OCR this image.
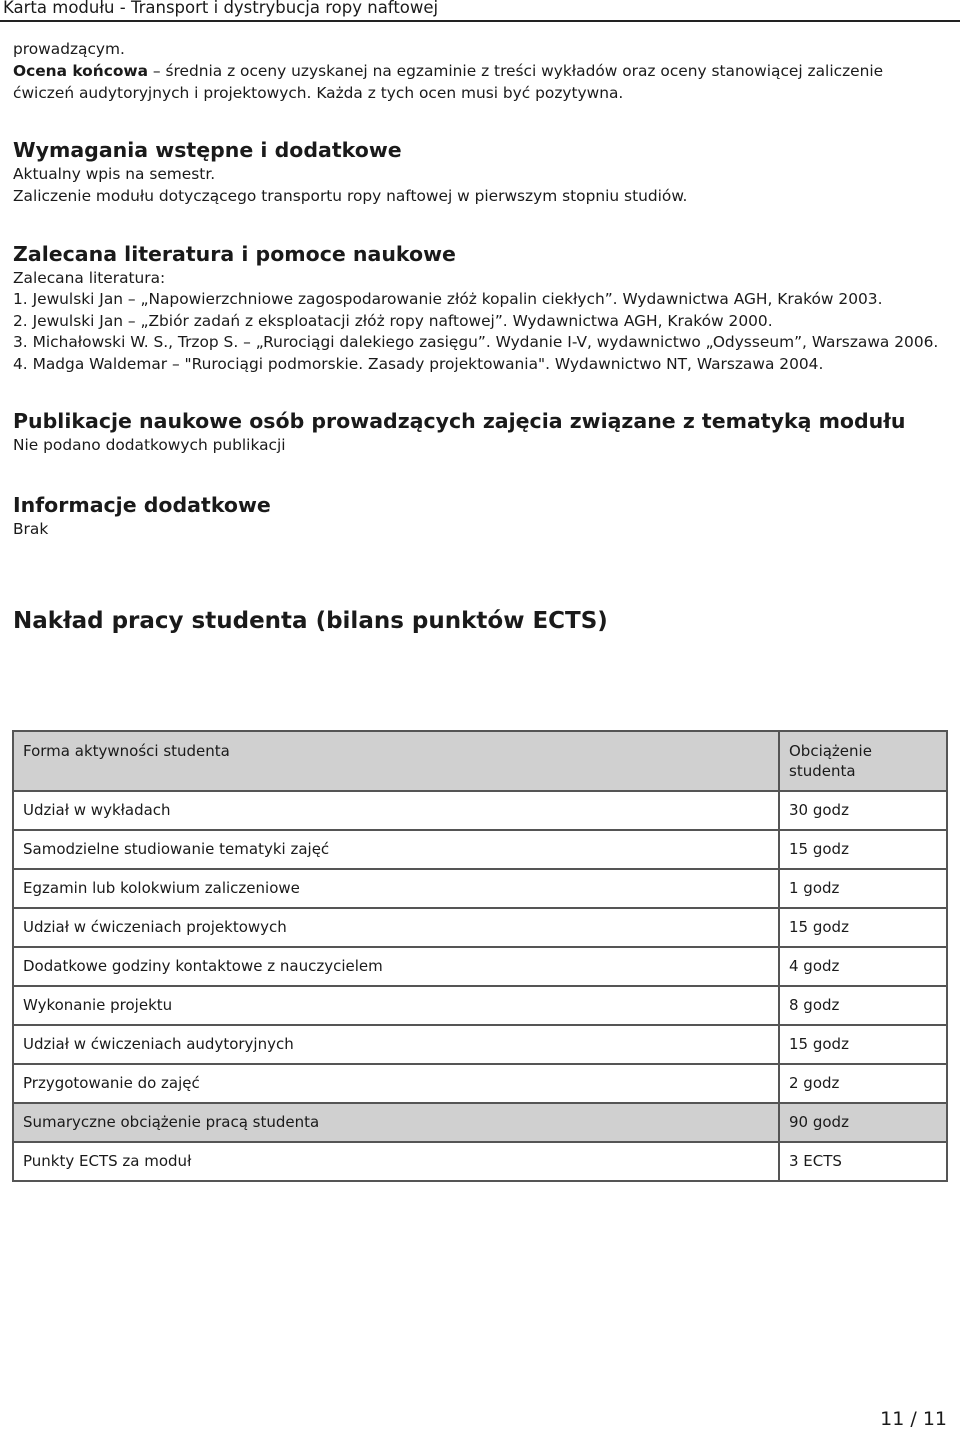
Karta modułu - Transport i dystrybucja ropy naftowej

prowadzącym.

Ocena końcowa – średnia z oceny uzyskanej na egzaminie z treści wykładów oraz oceny stanowiącej zaliczenie ćwiczeń audytoryjnych i projektowych. Każda z tych ocen musi być pozytywna.

Wymagania wstępne i dodatkowe

Aktualny wpis na semestr.

Zaliczenie modułu dotyczącego transportu ropy naftowej w pierwszym stopniu studiów.

Zalecana literatura i pomoce naukowe

Zalecana literatura:

1. Jewulski Jan – „Napowierzchniowe zagospodarowanie złóż kopalin ciekłych”. Wydawnictwa AGH, Kraków 2003.

2. Jewulski Jan – „Zbiór zadań z eksploatacji złóż ropy naftowej”. Wydawnictwa AGH, Kraków 2000.

3. Michałowski W. S., Trzop S. – „Rurociągi dalekiego zasięgu”. Wydanie I-V, wydawnictwo „Odysseum”, Warszawa 2006.

4. Madga Waldemar – "Rurociągi podmorskie. Zasady projektowania". Wydawnictwo NT, Warszawa 2004.

Publikacje naukowe osób prowadzących zajęcia związane z tematyką modułu

Nie podano dodatkowych publikacji

Informacje dodatkowe

Brak

Nakład pracy studenta (bilans punktów ECTS)
Forma aktywności studenta	Obciążenie studenta
Udział w wykładach	30 godz
Samodzielne studiowanie tematyki zajęć	15 godz
Egzamin lub kolokwium zaliczeniowe	1 godz
Udział w ćwiczeniach projektowych	15 godz
Dodatkowe godziny kontaktowe z nauczycielem	4 godz
Wykonanie projektu	8 godz
Udział w ćwiczeniach audytoryjnych	15 godz
Przygotowanie do zajęć	2 godz
Sumaryczne obciążenie pracą studenta	90 godz
Punkty ECTS za moduł	3 ECTS
11 / 11
